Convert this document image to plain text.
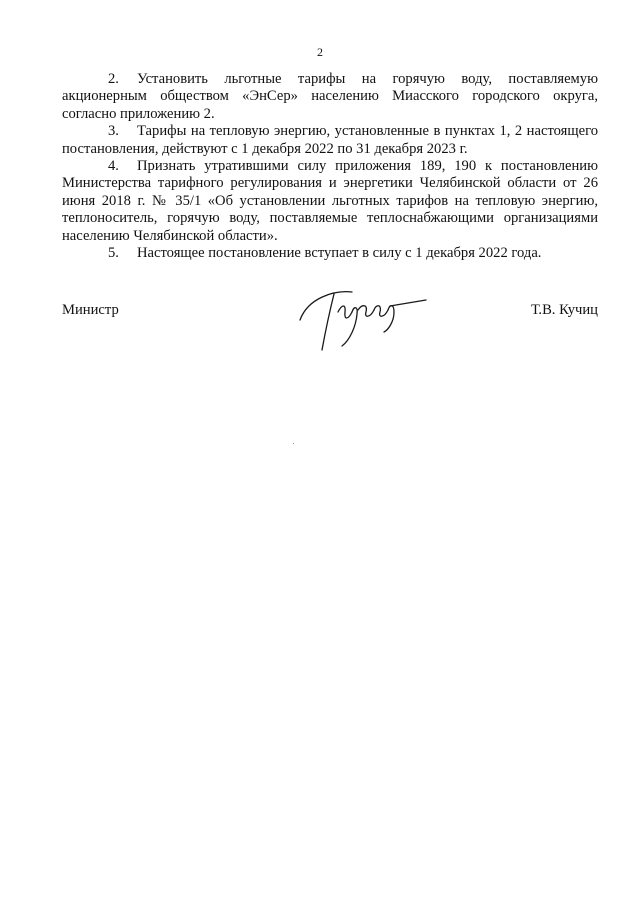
2

2. Установить льготные тарифы на горячую воду, поставляемую акционерным обществом «ЭнСер» населению Миасского городского округа, согласно приложению 2.

3. Тарифы на тепловую энергию, установленные в пунктах 1, 2 настоящего постановления, действуют с 1 декабря 2022 по 31 декабря 2023 г.

4. Признать утратившими силу приложения 189, 190 к постановлению Министерства тарифного регулирования и энергетики Челябинской области от 26 июня 2018 г. № 35/1 «Об установлении льготных тарифов на тепловую энергию, теплоноситель, горячую воду, поставляемые теплоснабжающими организациями населению Челябинской области».

5. Настоящее постановление вступает в силу с 1 декабря 2022 года.

Министр	Т.В. Кучиц
